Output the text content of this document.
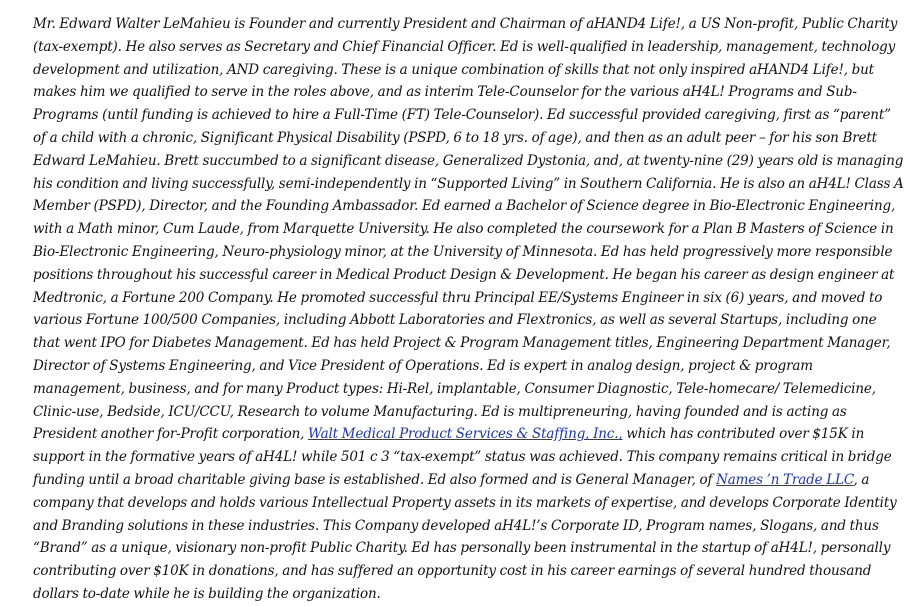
Mr. Edward Walter LeMahieu is Founder and currently President and Chairman of aHAND4 Life!, a US Non-profit, Public Charity (tax-exempt). He also serves as Secretary and Chief Financial Officer. Ed is well-qualified in leadership, management, technology development and utilization, AND caregiving. These is a unique combination of skills that not only inspired aHAND4 Life!, but makes him we qualified to serve in the roles above, and as interim Tele-Counselor for the various aH4L! Programs and Sub-Programs (until funding is achieved to hire a Full-Time (FT) Tele-Counselor). Ed successful provided caregiving, first as “parent” of a child with a chronic, Significant Physical Disability (PSPD, 6 to 18 yrs. of age), and then as an adult peer – for his son Brett Edward LeMahieu. Brett succumbed to a significant disease, Generalized Dystonia, and, at twenty-nine (29) years old is managing his condition and living successfully, semi-independently in “Supported Living” in Southern California. He is also an aH4L! Class A Member (PSPD), Director, and the Founding Ambassador. Ed earned a Bachelor of Science degree in Bio-Electronic Engineering, with a Math minor, Cum Laude, from Marquette University. He also completed the coursework for a Plan B Masters of Science in Bio-Electronic Engineering, Neuro-physiology minor, at the University of Minnesota. Ed has held progressively more responsible positions throughout his successful career in Medical Product Design & Development. He began his career as design engineer at Medtronic, a Fortune 200 Company. He promoted successful thru Principal EE/Systems Engineer in six (6) years, and moved to various Fortune 100/500 Companies, including Abbott Laboratories and Flextronics, as well as several Startups, including one that went IPO for Diabetes Management. Ed has held Project & Program Management titles, Engineering Department Manager, Director of Systems Engineering, and Vice President of Operations. Ed is expert in analog design, project & program management, business, and for many Product types: Hi-Rel, implantable, Consumer Diagnostic, Tele-homecare/ Telemedicine, Clinic-use, Bedside, ICU/CCU, Research to volume Manufacturing. Ed is multipreneuring, having founded and is acting as President another for-Profit corporation, Walt Medical Product Services & Staffing, Inc., which has contributed over $15K in support in the formative years of aH4L! while 501 c 3 “tax-exempt” status was achieved. This company remains critical in bridge funding until a broad charitable giving base is established. Ed also formed and is General Manager, of Names ’n Trade LLC, a company that develops and holds various Intellectual Property assets in its markets of expertise, and develops Corporate Identity and Branding solutions in these industries. This Company developed aH4L!’s Corporate ID, Program names, Slogans, and thus “Brand” as a unique, visionary non-profit Public Charity. Ed has personally been instrumental in the startup of aH4L!, personally contributing over $10K in donations, and has suffered an opportunity cost in his career earnings of several hundred thousand dollars to-date while he is building the organization.
